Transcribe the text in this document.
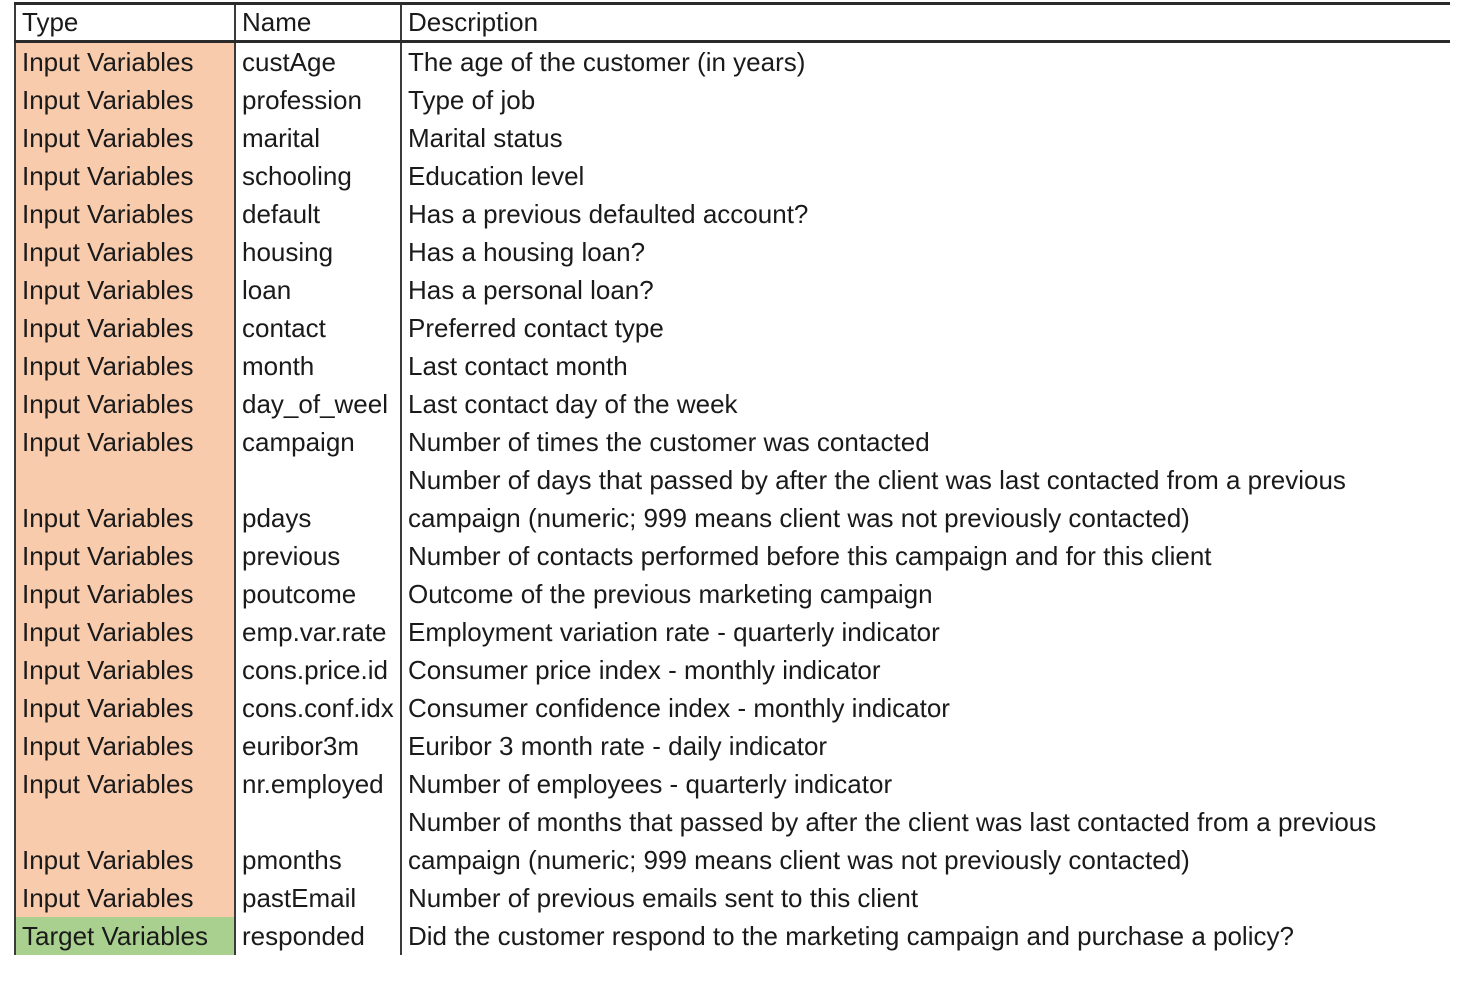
Type	Name	Description
Input Variables	custAge	The age of the customer (in years)
Input Variables	profession	Type of job
Input Variables	marital	Marital status
Input Variables	schooling	Education level
Input Variables	default	Has a previous defaulted account?
Input Variables	housing	Has a housing loan?
Input Variables	loan	Has a personal loan?
Input Variables	contact	Preferred contact type
Input Variables	month	Last contact month
Input Variables	day_of_weel	Last contact day of the week
Input Variables	campaign	Number of times the customer was contacted
Input Variables	pdays	Number of days that passed by after the client was last contacted from a previous campaign (numeric; 999 means client was not previously contacted)
Input Variables	previous	Number of contacts performed before this campaign and for this client
Input Variables	poutcome	Outcome of the previous marketing campaign
Input Variables	emp.var.rate	Employment variation rate - quarterly indicator
Input Variables	cons.price.id	Consumer price index - monthly indicator
Input Variables	cons.conf.idx	Consumer confidence index - monthly indicator
Input Variables	euribor3m	Euribor 3 month rate - daily indicator
Input Variables	nr.employed	Number of employees - quarterly indicator
Input Variables	pmonths	Number of months that passed by after the client was last contacted from a previous campaign (numeric; 999 means client was not previously contacted)
Input Variables	pastEmail	Number of previous emails sent to this client
Target Variables	responded	Did the customer respond to the marketing campaign and purchase a policy?
